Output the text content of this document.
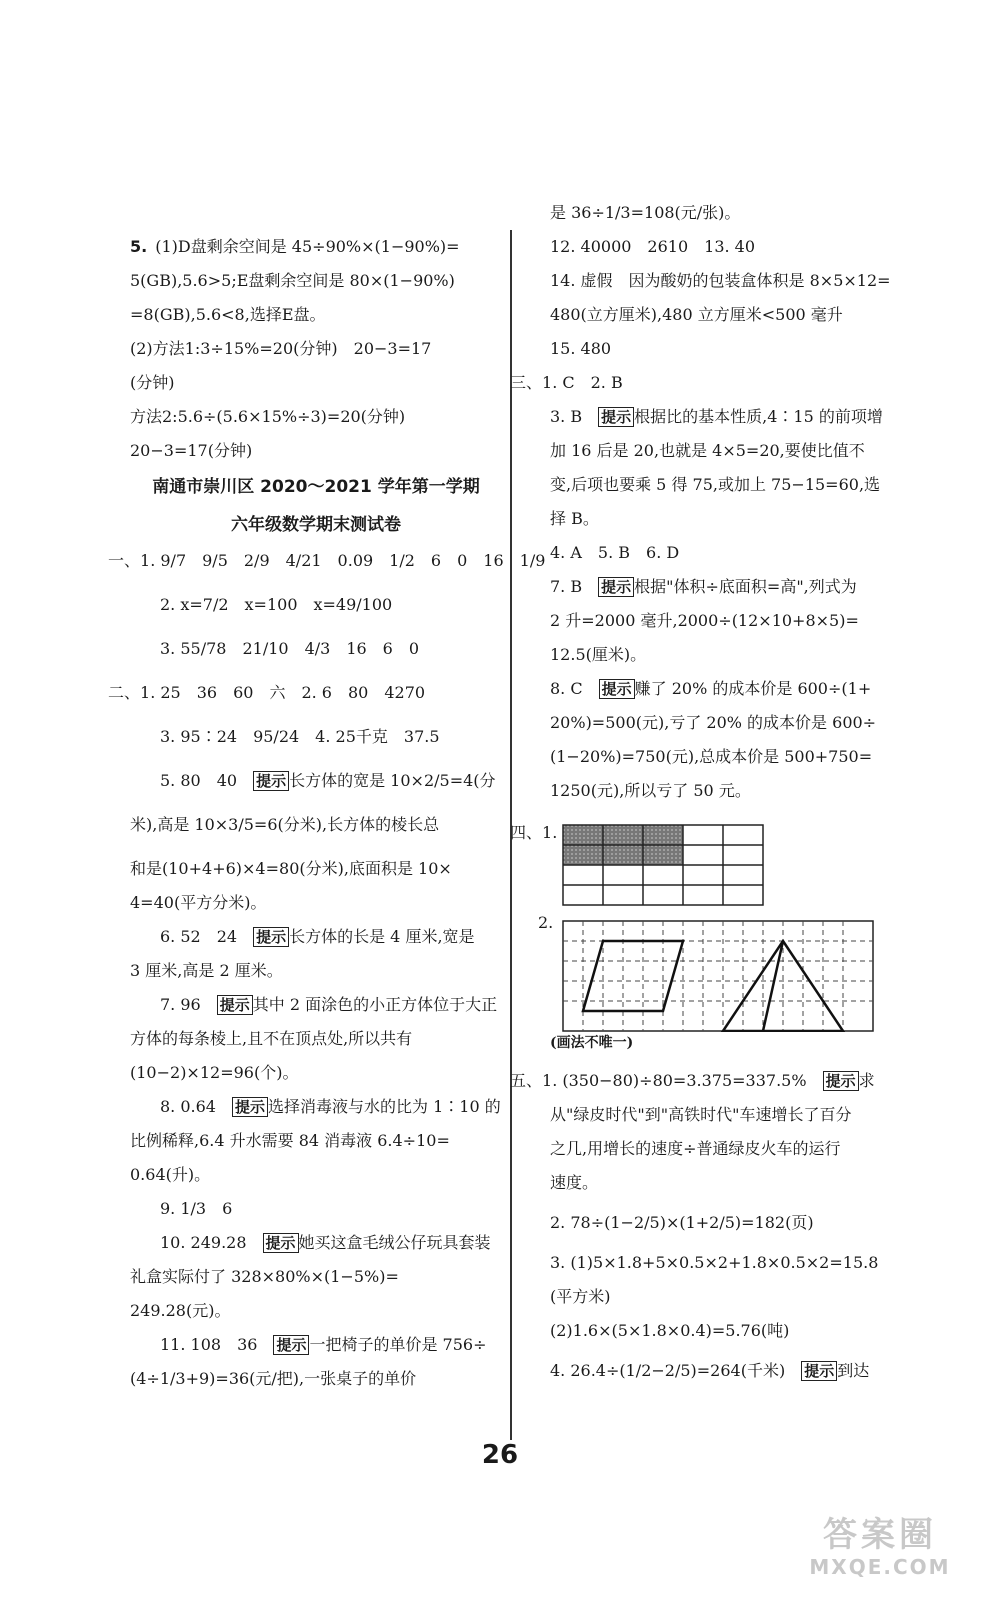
5. (1)D盘剩余空间是 45÷90%×(1−90%)=
5(GB),5.6>5;E盘剩余空间是 80×(1−90%)
=8(GB),5.6<8,选择E盘。
(2)方法1:3÷15%=20(分钟)　20−3=17
(分钟)
方法2:5.6÷(5.6×15%÷3)=20(分钟)
20−3=17(分钟)
南通市崇川区 2020～2021 学年第一学期
六年级数学期末测试卷
一、1. 9/7　9/5　2/9　4/21　0.09　1/2　6　0　16　1/9
2. x=7/2　x=100　x=49/100
3. 55/78　21/10　4/3　16　6　0
二、1. 25　36　60　六　2. 6　80　4270
3. 95∶24　95/24　4. 25千克　37.5
5. 80　40　提示 长方体的宽是 10×2/5=4(分
米),高是 10×3/5=6(分米),长方体的棱长总
和是(10+4+6)×4=80(分米),底面积是 10×
4=40(平方分米)。
6. 52　24　提示 长方体的长是 4 厘米,宽是
3 厘米,高是 2 厘米。
7. 96　提示 其中 2 面涂色的小正方体位于大正
方体的每条棱上,且不在顶点处,所以共有
(10−2)×12=96(个)。
8. 0.64　提示 选择消毒液与水的比为 1∶10 的
比例稀释,6.4 升水需要 84 消毒液 6.4÷10=
0.64(升)。
9. 1/3　6
10. 249.28　提示 她买这盒毛绒公仔玩具套装
礼盒实际付了 328×80%×(1−5%)=
249.28(元)。
11. 108　36　提示 一把椅子的单价是 756÷
(4÷1/3+9)=36(元/把),一张桌子的单价
是 36÷1/3=108(元/张)。
12. 40000　2610　13. 40
14. 虚假　因为酸奶的包装盒体积是 8×5×12=
480(立方厘米),480 立方厘米<500 毫升
15. 480
三、1. C　2. B
3. B　提示 根据比的基本性质,4∶15 的前项增
加 16 后是 20,也就是 4×5=20,要使比值不
变,后项也要乘 5 得 75,或加上 75−15=60,选
择 B。
4. A　5. B　6. D
7. B　提示 根据"体积÷底面积=高",列式为
2 升=2000 毫升,2000÷(12×10+8×5)=
12.5(厘米)。
8. C　提示 赚了 20% 的成本价是 600÷(1+
20%)=500(元),亏了 20% 的成本价是 600÷
(1−20%)=750(元),总成本价是 500+750=
1250(元),所以亏了 50 元。
四、1.
2.
(画法不唯一)
五、1. (350−80)÷80=3.375=337.5%　提示 求
从"绿皮时代"到"高铁时代"车速增长了百分
之几,用增长的速度÷普通绿皮火车的运行
速度。
2. 78÷(1−2/5)×(1+2/5)=182(页)
3. (1)5×1.8+5×0.5×2+1.8×0.5×2=15.8
(平方米)
(2)1.6×(5×1.8×0.4)=5.76(吨)
4. 26.4÷(1/2−2/5)=264(千米)　提示 到达
26
答案圈
MXQE.COM
